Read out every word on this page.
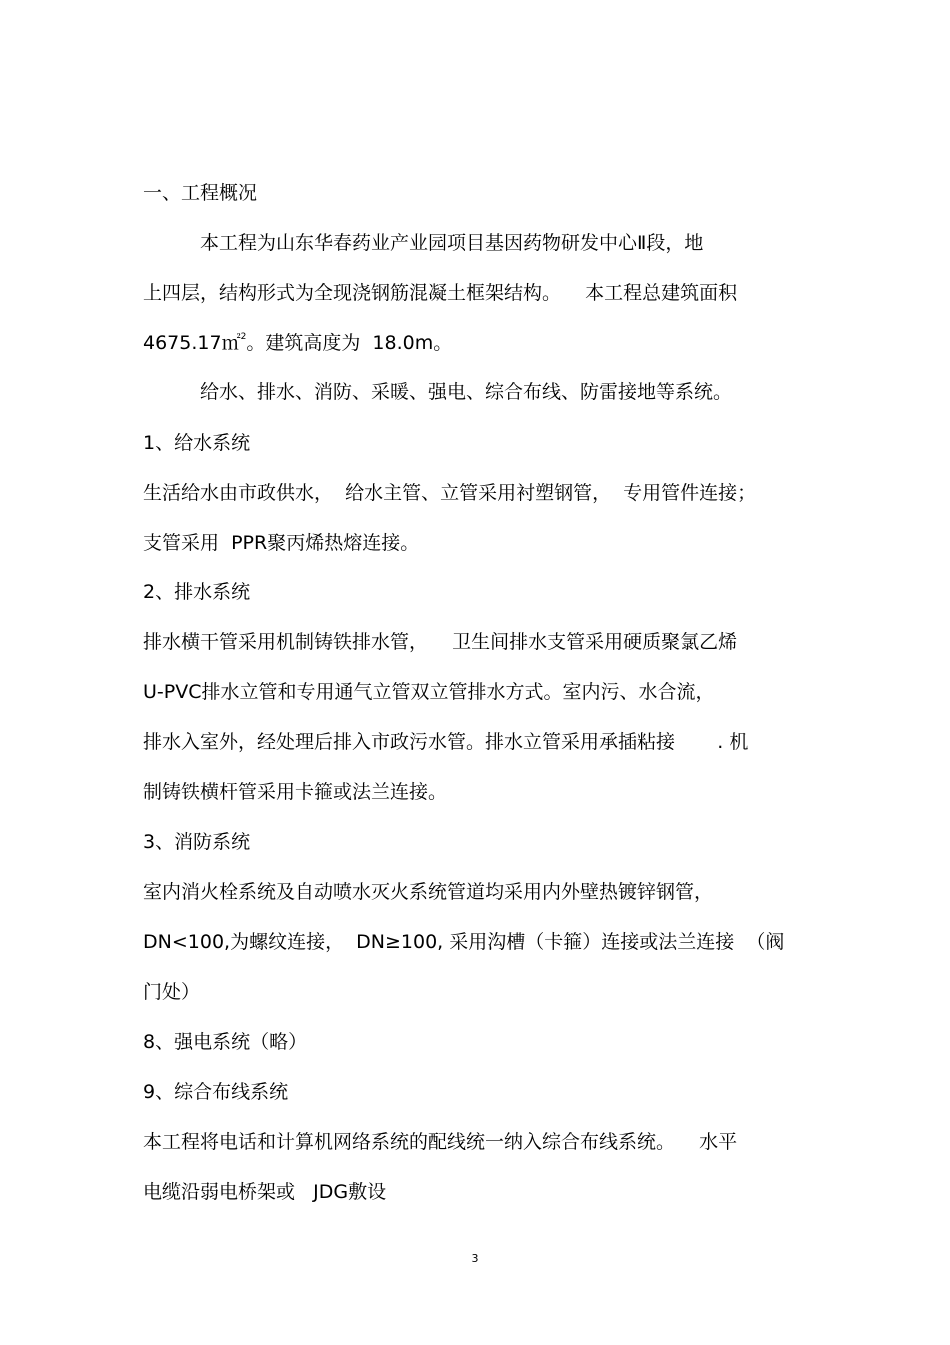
一、工程概况
本工程为山东华春药业产业园项目基因药物研发中心Ⅱ段，地
上四层，结构形式为全现浇钢筋混凝土框架结构。    本工程总建筑面积
4675.17㎡$^2$。建筑高度为  18.0m。
给水、排水、消防、采暖、强电、综合布线、防雷接地等系统。
1、给水系统
生活给水由市政供水，  给水主管、立管采用衬塑钢管，  专用管件连接；
支管采用  PPR聚丙烯热熔连接。
2、排水系统
排水横干管采用机制铸铁排水管，    卫生间排水支管采用硬质聚氯乙烯
U-PVC排水立管和专用通气立管双立管排水方式。室内污、水合流，
排水入室外，经处理后排入市政污水管。排水立管采用承插粘接       . 机
制铸铁横杆管采用卡箍或法兰连接。
3、消防系统
室内消火栓系统及自动喷水灭火系统管道均采用内外壁热镀锌钢管，
DN<100,为螺纹连接，  DN≥100, 采用沟槽（卡箍）连接或法兰连接  （阀
门处）
8、强电系统（略）
9、综合布线系统
本工程将电话和计算机网络系统的配线统一纳入综合布线系统。    水平
电缆沿弱电桥架或   JDG敷设
3
